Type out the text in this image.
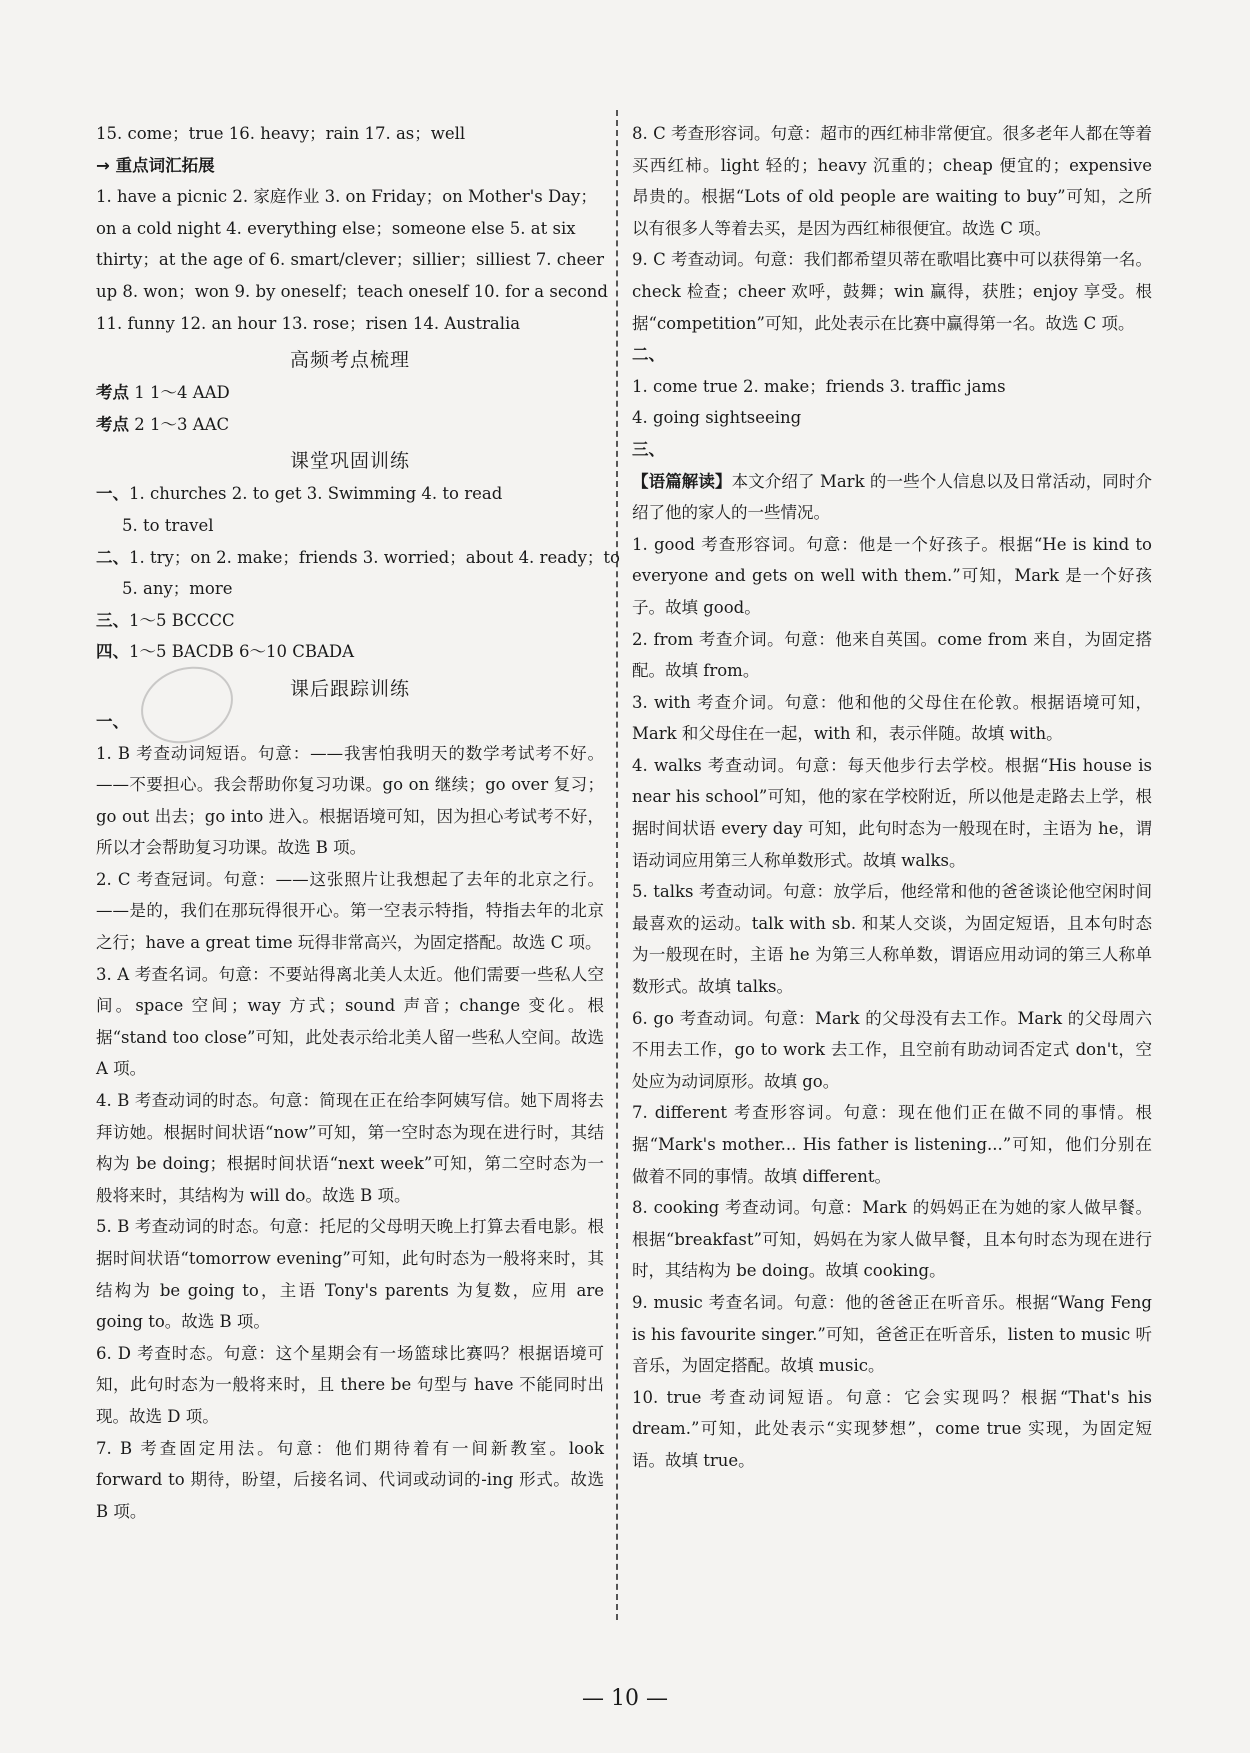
15. come；true 16. heavy；rain 17. as；well

→ 重点词汇拓展

1. have a picnic 2. 家庭作业 3. on Friday；on Mother's Day；

on a cold night 4. everything else；someone else 5. at six

thirty；at the age of 6. smart/clever；sillier；silliest 7. cheer

up 8. won；won 9. by oneself；teach oneself 10. for a second

11. funny 12. an hour 13. rose；risen 14. Australia

高频考点梳理

考点 1 1～4 AAD

考点 2 1～3 AAC

课堂巩固训练

一、1. churches 2. to get 3. Swimming 4. to read

5. to travel

二、1. try；on 2. make；friends 3. worried；about 4. ready；to

5. any；more

三、1～5 BCCCC

四、1～5 BACDB 6～10 CBADA

课后跟踪训练

一、

1. B 考查动词短语。句意：——我害怕我明天的数学考试考不好。——不要担心。我会帮助你复习功课。go on 继续；go over 复习；go out 出去；go into 进入。根据语境可知，因为担心考试考不好，所以才会帮助复习功课。故选 B 项。

2. C 考查冠词。句意：——这张照片让我想起了去年的北京之行。——是的，我们在那玩得很开心。第一空表示特指，特指去年的北京之行；have a great time 玩得非常高兴，为固定搭配。故选 C 项。

3. A 考查名词。句意：不要站得离北美人太近。他们需要一些私人空间。space 空间；way 方式；sound 声音；change 变化。根据“stand too close”可知，此处表示给北美人留一些私人空间。故选 A 项。

4. B 考查动词的时态。句意：简现在正在给李阿姨写信。她下周将去拜访她。根据时间状语“now”可知，第一空时态为现在进行时，其结构为 be doing；根据时间状语“next week”可知，第二空时态为一般将来时，其结构为 will do。故选 B 项。

5. B 考查动词的时态。句意：托尼的父母明天晚上打算去看电影。根据时间状语“tomorrow evening”可知，此句时态为一般将来时，其结构为 be going to，主语 Tony's parents 为复数，应用 are going to。故选 B 项。

6. D 考查时态。句意：这个星期会有一场篮球比赛吗？根据语境可知，此句时态为一般将来时，且 there be 句型与 have 不能同时出现。故选 D 项。

7. B 考查固定用法。句意：他们期待着有一间新教室。look forward to 期待，盼望，后接名词、代词或动词的-ing 形式。故选 B 项。

8. C 考查形容词。句意：超市的西红柿非常便宜。很多老年人都在等着买西红柿。light 轻的；heavy 沉重的；cheap 便宜的；expensive 昂贵的。根据“Lots of old people are waiting to buy”可知，之所以有很多人等着去买，是因为西红柿很便宜。故选 C 项。

9. C 考查动词。句意：我们都希望贝蒂在歌唱比赛中可以获得第一名。check 检查；cheer 欢呼，鼓舞；win 赢得，获胜；enjoy 享受。根据“competition”可知，此处表示在比赛中赢得第一名。故选 C 项。

二、

1. come true 2. make；friends 3. traffic jams

4. going sightseeing

三、

【语篇解读】本文介绍了 Mark 的一些个人信息以及日常活动，同时介绍了他的家人的一些情况。

1. good 考查形容词。句意：他是一个好孩子。根据“He is kind to everyone and gets on well with them.”可知，Mark 是一个好孩子。故填 good。

2. from 考查介词。句意：他来自英国。come from 来自，为固定搭配。故填 from。

3. with 考查介词。句意：他和他的父母住在伦敦。根据语境可知，Mark 和父母住在一起，with 和，表示伴随。故填 with。

4. walks 考查动词。句意：每天他步行去学校。根据“His house is near his school”可知，他的家在学校附近，所以他是走路去上学，根据时间状语 every day 可知，此句时态为一般现在时，主语为 he，谓语动词应用第三人称单数形式。故填 walks。

5. talks 考查动词。句意：放学后，他经常和他的爸爸谈论他空闲时间最喜欢的运动。talk with sb. 和某人交谈，为固定短语，且本句时态为一般现在时，主语 he 为第三人称单数，谓语应用动词的第三人称单数形式。故填 talks。

6. go 考查动词。句意：Mark 的父母没有去工作。Mark 的父母周六不用去工作，go to work 去工作，且空前有助动词否定式 don't，空处应为动词原形。故填 go。

7. different 考查形容词。句意：现在他们正在做不同的事情。根据“Mark's mother... His father is listening...”可知，他们分别在做着不同的事情。故填 different。

8. cooking 考查动词。句意：Mark 的妈妈正在为她的家人做早餐。根据“breakfast”可知，妈妈在为家人做早餐，且本句时态为现在进行时，其结构为 be doing。故填 cooking。

9. music 考查名词。句意：他的爸爸正在听音乐。根据“Wang Feng is his favourite singer.”可知，爸爸正在听音乐，listen to music 听音乐，为固定搭配。故填 music。

10. true 考查动词短语。句意：它会实现吗？根据“That's his dream.”可知，此处表示“实现梦想”，come true 实现，为固定短语。故填 true。

— 10 —
